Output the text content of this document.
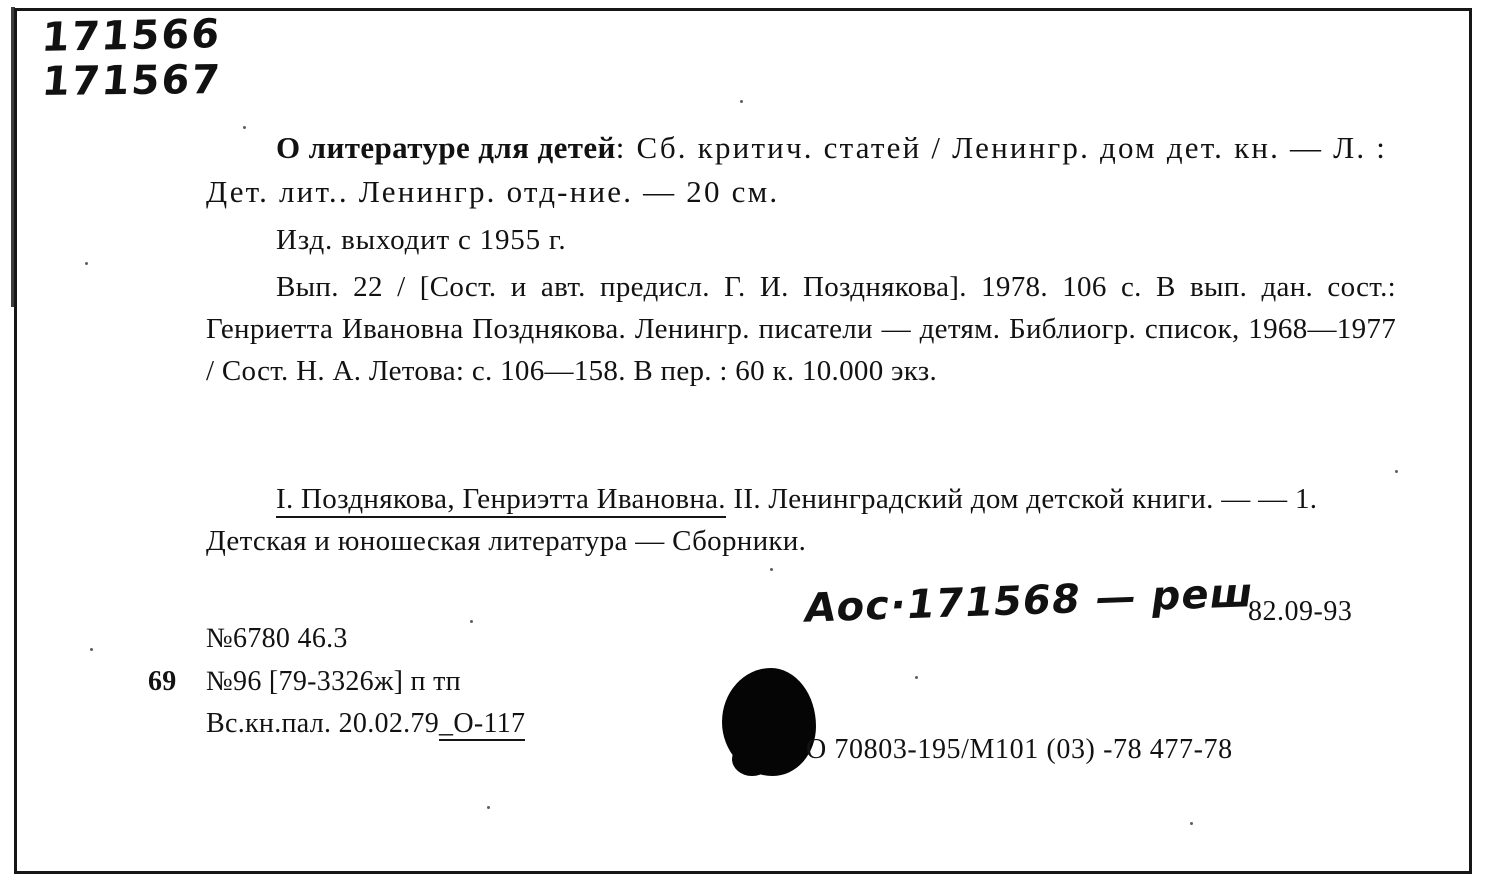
171566
171567
О литературе для детей: Сб. критич. статей / Ленингр. дом дет. кн. — Л. : Дет. лит.. Ленингр. отд-ние. — 20 см.
Изд. выходит с 1955 г.
Вып. 22 / [Сост. и авт. предисл. Г. И. Позднякова]. 1978. 106 с. В вып. дан. сост.: Генриетта Ивановна Позднякова. Ленингр. писатели — детям. Библиогр. список, 1968—1977 / Сост. Н. А. Летова: с. 106—158. В пер. : 60 к. 10.000 экз.
I. Позднякова, Генриэтта Ивановна. II. Ленинградский дом детской книги. — — 1. Детская и юношеская литература — Сборники.
№6780 46.3
69 №96 [79-3326ж] п тп
Вс.кн.пал. 20.02.79_О-117
Аос·171568 — реш
82.09-93
О 70803-195/М101 (03) -78 477-78
